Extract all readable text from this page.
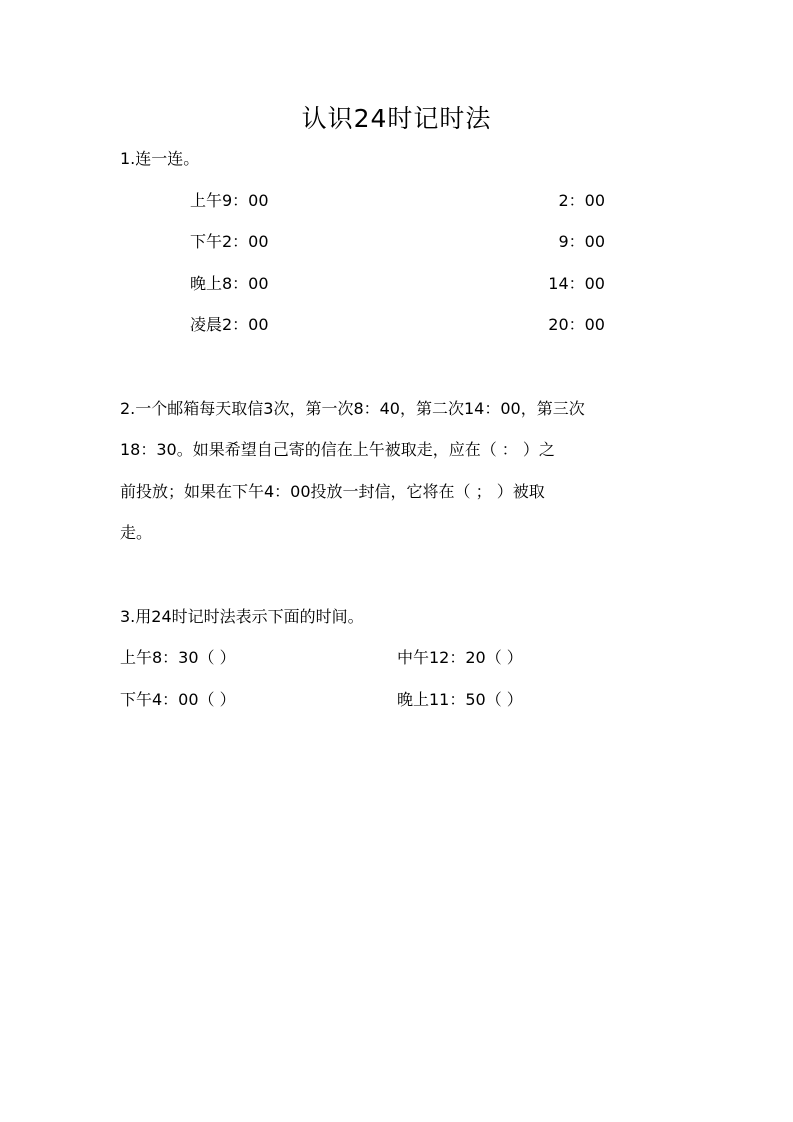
认识24时记时法
1.连一连。
上午9：00
下午2：00
晚上8：00
凌晨2：00
2：00
9：00
14：00
20：00
2.一个邮箱每天取信3次，第一次8：40，第二次14：00，第三次
18：30。如果希望自己寄的信在上午被取走，应在（ ： ）之
前投放；如果在下午4：00投放一封信，它将在（ ； ）被取
走。
3.用24时记时法表示下面的时间。
上午8：30（ ）	中午12：20（ ）
下午4：00（ ）	晚上11：50（ ）
